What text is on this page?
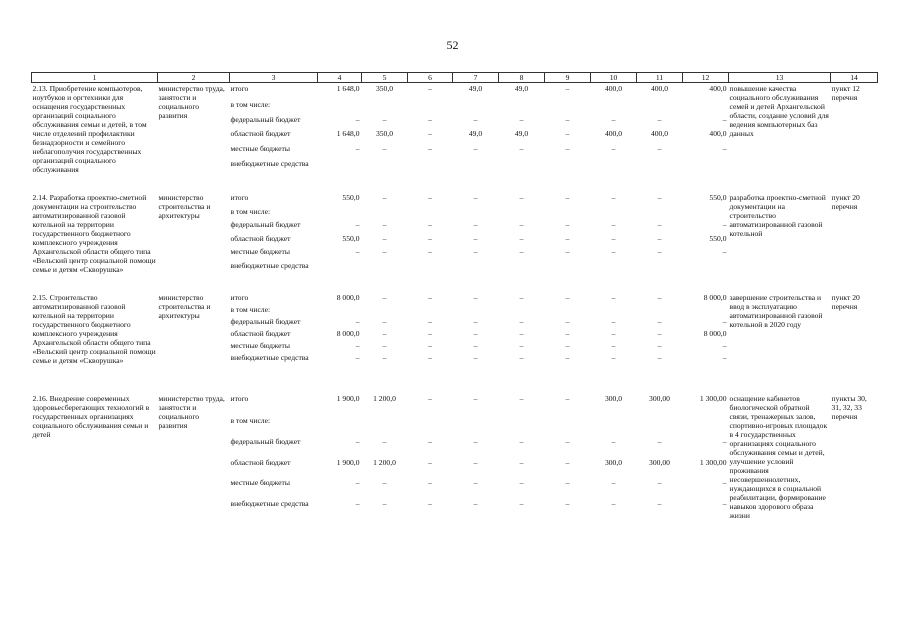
52
1	2	3	4	5	6	7	8	9	10	11	12	13	14
2.13. Приобретение компьютеров, ноутбуков и оргтехники для оснащения государственных организаций социального обслуживания семьи и детей, в том числе отделений профилактики безнадзорности и семейного неблагополучия государственных организаций социального обслуживания	министерство труда, занятости и социального развития	итого	1 648,0	350,0	–	49,0	49,0	–	400,0	400,0	400,0	повышение качества социального обслуживания семей и детей Архангельской области, создание условий для ведения компьютерных баз данных	пункт 12 перечня
		в том числе:											
		федеральный бюджет	–	–	–	–	–	–	–	–	–		
		областной бюджет	1 648,0	350,0	–	49,0	49,0	–	400,0	400,0	400,0		
		местные бюджеты	–	–	–	–	–	–	–	–	–		
		внебюджетные средства											

2.14. Разработка проектно-сметной документации на строительство автоматизированной газовой котельной на территории государственного бюджетного комплексного учреждения Архангельской области общего типа «Вельский центр социальной помощи семье и детям «Скворушка»	министерство строительства и архитектуры	итого	550,0	–	–	–	–	–	–	–	550,0	разработка проектно-сметной документации на строительство автоматизированной газовой котельной	пункт 20 перечня
		в том числе:											
		федеральный бюджет	–	–	–	–	–	–	–	–	–		
		областной бюджет	550,0	–	–	–	–	–	–	–	550,0		
		местные бюджеты	–	–	–	–	–	–	–	–	–		
		внебюджетные средства											

2.15. Строительство автоматизированной газовой котельной на территории государственного бюджетного комплексного учреждения Архангельской области общего типа «Вельский центр социальной помощи семье и детям «Скворушка»	министерство строительства и архитектуры	итого	8 000,0	–	–	–	–	–	–	–	8 000,0	завершение строительства и ввод в эксплуатацию автоматизированной газовой котельной в 2020 году	пункт 20 перечня
		в том числе:											
		федеральный бюджет	–	–	–	–	–	–	–	–	–		
		областной бюджет	8 000,0	–	–	–	–	–	–	–	8 000,0		
		местные бюджеты	–	–	–	–	–	–	–	–	–		
		внебюджетные средства	–	–	–	–	–	–	–	–	–		

2.16. Внедрение современных здоровьесберегающих технологий в государственных организациях социального обслуживания семьи и детей	министерство труда, занятости и социального развития	итого	1 900,0	1 200,0	–	–	–	–	300,0	300,00	1 300,00	оснащение кабинетов биологической обратной связи, тренажерных залов, спортивно-игровых площадок в 4 государственных организациях социального обслуживания семьи и детей, улучшение условий проживания несовершеннолетних, нуждающихся в социальной реабилитации, формирование навыков здорового образа жизни	пункты 30, 31, 32, 33 перечня
		в том числе:											
		федеральный бюджет	–	–	–	–	–	–	–	–	–		
		областной бюджет	1 900,0	1 200,0	–	–	–	–	300,0	300,00	1 300,00		
		местные бюджеты	–	–	–	–	–	–	–	–	–		
		внебюджетные средства	–	–	–	–	–	–	–	–	–		
